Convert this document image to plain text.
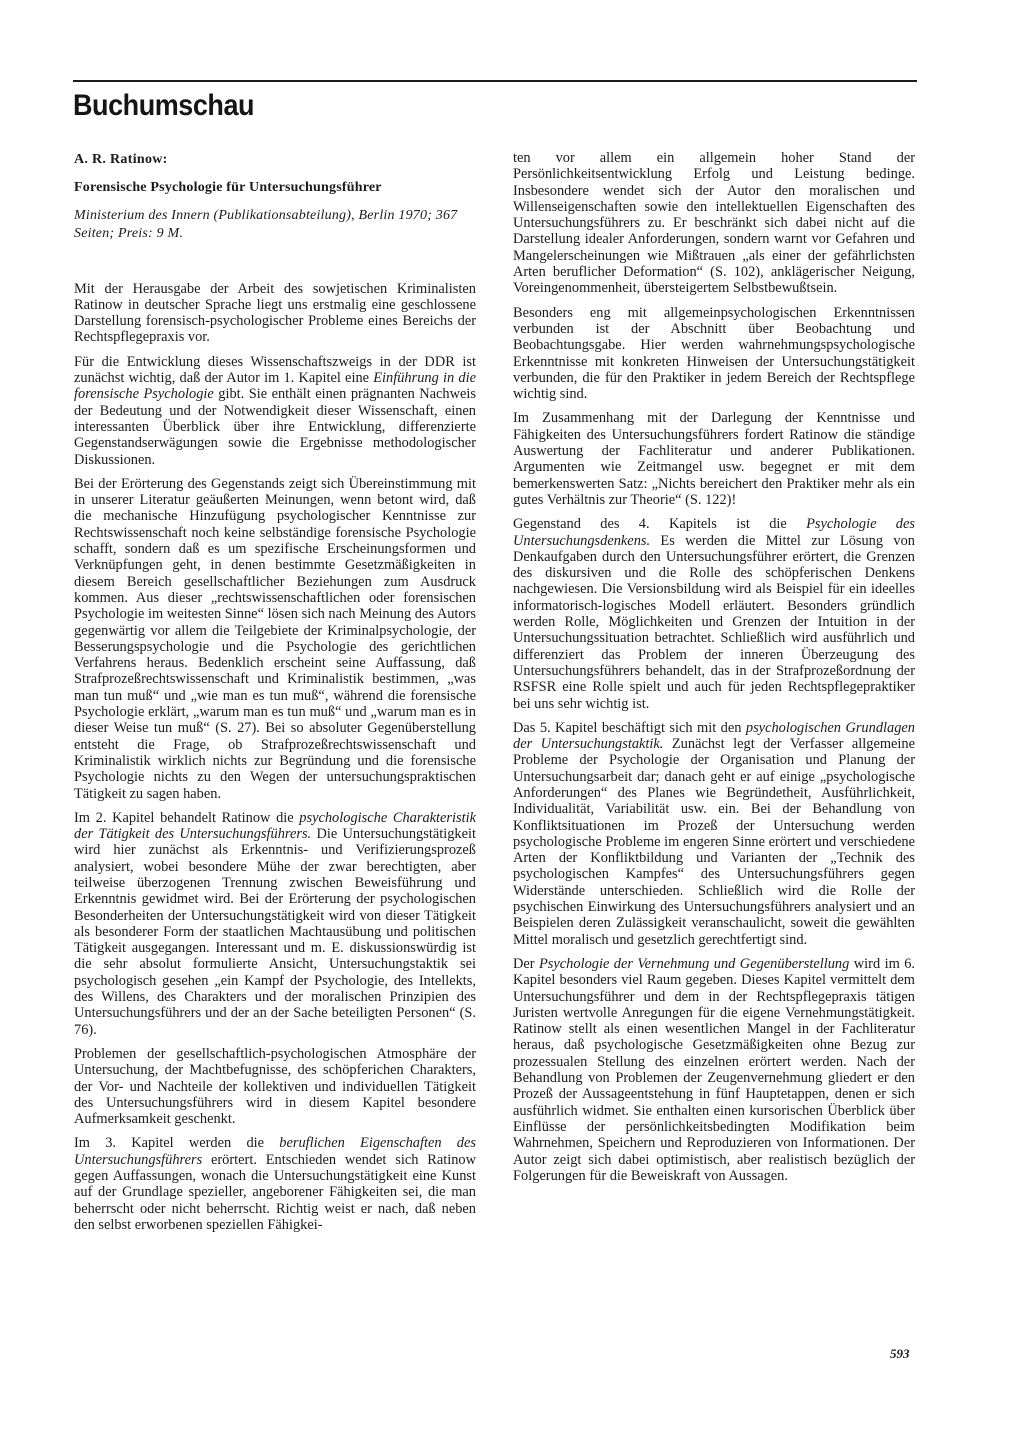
Buchumschau
A. R. Ratinow:
Forensische Psychologie für Untersuchungsführer
Ministerium des Innern (Publikationsabteilung), Berlin 1970; 367 Seiten; Preis: 9 M.

Mit der Herausgabe der Arbeit des sowjetischen Kriminalisten Ratinow in deutscher Sprache liegt uns erstmalig eine geschlossene Darstellung forensisch-psychologischer Probleme eines Bereichs der Rechtspflegepraxis vor.

Für die Entwicklung dieses Wissenschaftszweigs in der DDR ist zunächst wichtig, daß der Autor im 1. Kapitel eine Einführung in die forensische Psychologie gibt. Sie enthält einen prägnanten Nachweis der Bedeutung und der Notwendigkeit dieser Wissenschaft, einen interessanten Überblick über ihre Entwicklung, differenzierte Gegenstandserwägungen sowie die Ergebnisse methodologischer Diskussionen.

Bei der Erörterung des Gegenstands zeigt sich Übereinstimmung mit in unserer Literatur geäußerten Meinungen, wenn betont wird, daß die mechanische Hinzufügung psychologischer Kenntnisse zur Rechtswissenschaft noch keine selbständige forensische Psychologie schafft, sondern daß es um spezifische Erscheinungsformen und Verknüpfungen geht, in denen bestimmte Gesetzmäßigkeiten in diesem Bereich gesellschaftlicher Beziehungen zum Ausdruck kommen. Aus dieser „rechtswissenschaftlichen oder forensischen Psychologie im weitesten Sinne“ lösen sich nach Meinung des Autors gegenwärtig vor allem die Teilgebiete der Kriminalpsychologie, der Besserungspsychologie und die Psychologie des gerichtlichen Verfahrens heraus. Bedenklich erscheint seine Auffassung, daß Strafprozeßrechtswissenschaft und Kriminalistik bestimmen, „was man tun muß“ und „wie man es tun muß“, während die forensische Psychologie erklärt, „warum man es tun muß“ und „warum man es in dieser Weise tun muß“ (S. 27). Bei so absoluter Gegenüberstellung entsteht die Frage, ob Strafprozeßrechtswissenschaft und Kriminalistik wirklich nichts zur Begründung und die forensische Psychologie nichts zu den Wegen der untersuchungspraktischen Tätigkeit zu sagen haben.

Im 2. Kapitel behandelt Ratinow die psychologische Charakteristik der Tätigkeit des Untersuchungsführers. Die Untersuchungstätigkeit wird hier zunächst als Erkenntnis- und Verifizierungsprozeß analysiert, wobei besondere Mühe der zwar berechtigten, aber teilweise überzogenen Trennung zwischen Beweisführung und Erkenntnis gewidmet wird. Bei der Erörterung der psychologischen Besonderheiten der Untersuchungstätigkeit wird von dieser Tätigkeit als besonderer Form der staatlichen Machtausübung und politischen Tätigkeit ausgegangen. Interessant und m. E. diskussionswürdig ist die sehr absolut formulierte Ansicht, Untersuchungstaktik sei psychologisch gesehen „ein Kampf der Psychologie, des Intellekts, des Willens, des Charakters und der moralischen Prinzipien des Untersuchungsführers und der an der Sache beteiligten Personen“ (S. 76).

Problemen der gesellschaftlich-psychologischen Atmosphäre der Untersuchung, der Machtbefugnisse, des schöpferichen Charakters, der Vor- und Nachteile der kollektiven und individuellen Tätigkeit des Untersuchungsführers wird in diesem Kapitel besondere Aufmerksamkeit geschenkt.

Im 3. Kapitel werden die beruflichen Eigenschaften des Untersuchungsführers erörtert. Entschieden wendet sich Ratinow gegen Auffassungen, wonach die Untersuchungstätigkeit eine Kunst auf der Grundlage spezieller, angeborener Fähigkeiten sei, die man beherrscht oder nicht beherrscht. Richtig weist er nach, daß neben den selbst erworbenen speziellen Fähigkei-

ten vor allem ein allgemein hoher Stand der Persönlichkeitsentwicklung Erfolg und Leistung bedinge. Insbesondere wendet sich der Autor den moralischen und Willenseigenschaften sowie den intellektuellen Eigenschaften des Untersuchungsführers zu. Er beschränkt sich dabei nicht auf die Darstellung idealer Anforderungen, sondern warnt vor Gefahren und Mangelerscheinungen wie Mißtrauen „als einer der gefährlichsten Arten beruflicher Deformation“ (S. 102), anklägerischer Neigung, Voreingenommenheit, übersteigertem Selbstbewußtsein.

Besonders eng mit allgemeinpsychologischen Erkenntnissen verbunden ist der Abschnitt über Beobachtung und Beobachtungsgabe. Hier werden wahrnehmungspsychologische Erkenntnisse mit konkreten Hinweisen der Untersuchungstätigkeit verbunden, die für den Praktiker in jedem Bereich der Rechtspflege wichtig sind.

Im Zusammenhang mit der Darlegung der Kenntnisse und Fähigkeiten des Untersuchungsführers fordert Ratinow die ständige Auswertung der Fachliteratur und anderer Publikationen. Argumenten wie Zeitmangel usw. begegnet er mit dem bemerkenswerten Satz: „Nichts bereichert den Praktiker mehr als ein gutes Verhältnis zur Theorie“ (S. 122)!

Gegenstand des 4. Kapitels ist die Psychologie des Untersuchungsdenkens. Es werden die Mittel zur Lösung von Denkaufgaben durch den Untersuchungsführer erörtert, die Grenzen des diskursiven und die Rolle des schöpferischen Denkens nachgewiesen. Die Versionsbildung wird als Beispiel für ein ideelles informatorisch-logisches Modell erläutert. Besonders gründlich werden Rolle, Möglichkeiten und Grenzen der Intuition in der Untersuchungssituation betrachtet. Schließlich wird ausführlich und differenziert das Problem der inneren Überzeugung des Untersuchungsführers behandelt, das in der Strafprozeßordnung der RSFSR eine Rolle spielt und auch für jeden Rechtspflegepraktiker bei uns sehr wichtig ist.

Das 5. Kapitel beschäftigt sich mit den psychologischen Grundlagen der Untersuchungstaktik. Zunächst legt der Verfasser allgemeine Probleme der Psychologie der Organisation und Planung der Untersuchungsarbeit dar; danach geht er auf einige „psychologische Anforderungen“ des Planes wie Begründetheit, Ausführlichkeit, Individualität, Variabilität usw. ein. Bei der Behandlung von Konfliktsituationen im Prozeß der Untersuchung werden psychologische Probleme im engeren Sinne erörtert und verschiedene Arten der Konfliktbildung und Varianten der „Technik des psychologischen Kampfes“ des Untersuchungsführers gegen Widerstände unterschieden. Schließlich wird die Rolle der psychischen Einwirkung des Untersuchungsführers analysiert und an Beispielen deren Zulässigkeit veranschaulicht, soweit die gewählten Mittel moralisch und gesetzlich gerechtfertigt sind.

Der Psychologie der Vernehmung und Gegenüberstellung wird im 6. Kapitel besonders viel Raum gegeben. Dieses Kapitel vermittelt dem Untersuchungsführer und dem in der Rechtspflegepraxis tätigen Juristen wertvolle Anregungen für die eigene Vernehmungstätigkeit. Ratinow stellt als einen wesentlichen Mangel in der Fachliteratur heraus, daß psychologische Gesetzmäßigkeiten ohne Bezug zur prozessualen Stellung des einzelnen erörtert werden. Nach der Behandlung von Problemen der Zeugenvernehmung gliedert er den Prozeß der Aussageentstehung in fünf Hauptetappen, denen er sich ausführlich widmet. Sie enthalten einen kursorischen Überblick über Einflüsse der persönlichkeitsbedingten Modifikation beim Wahrnehmen, Speichern und Reproduzieren von Informationen. Der Autor zeigt sich dabei optimistisch, aber realistisch bezüglich der Folgerungen für die Beweiskraft von Aussagen.

593
